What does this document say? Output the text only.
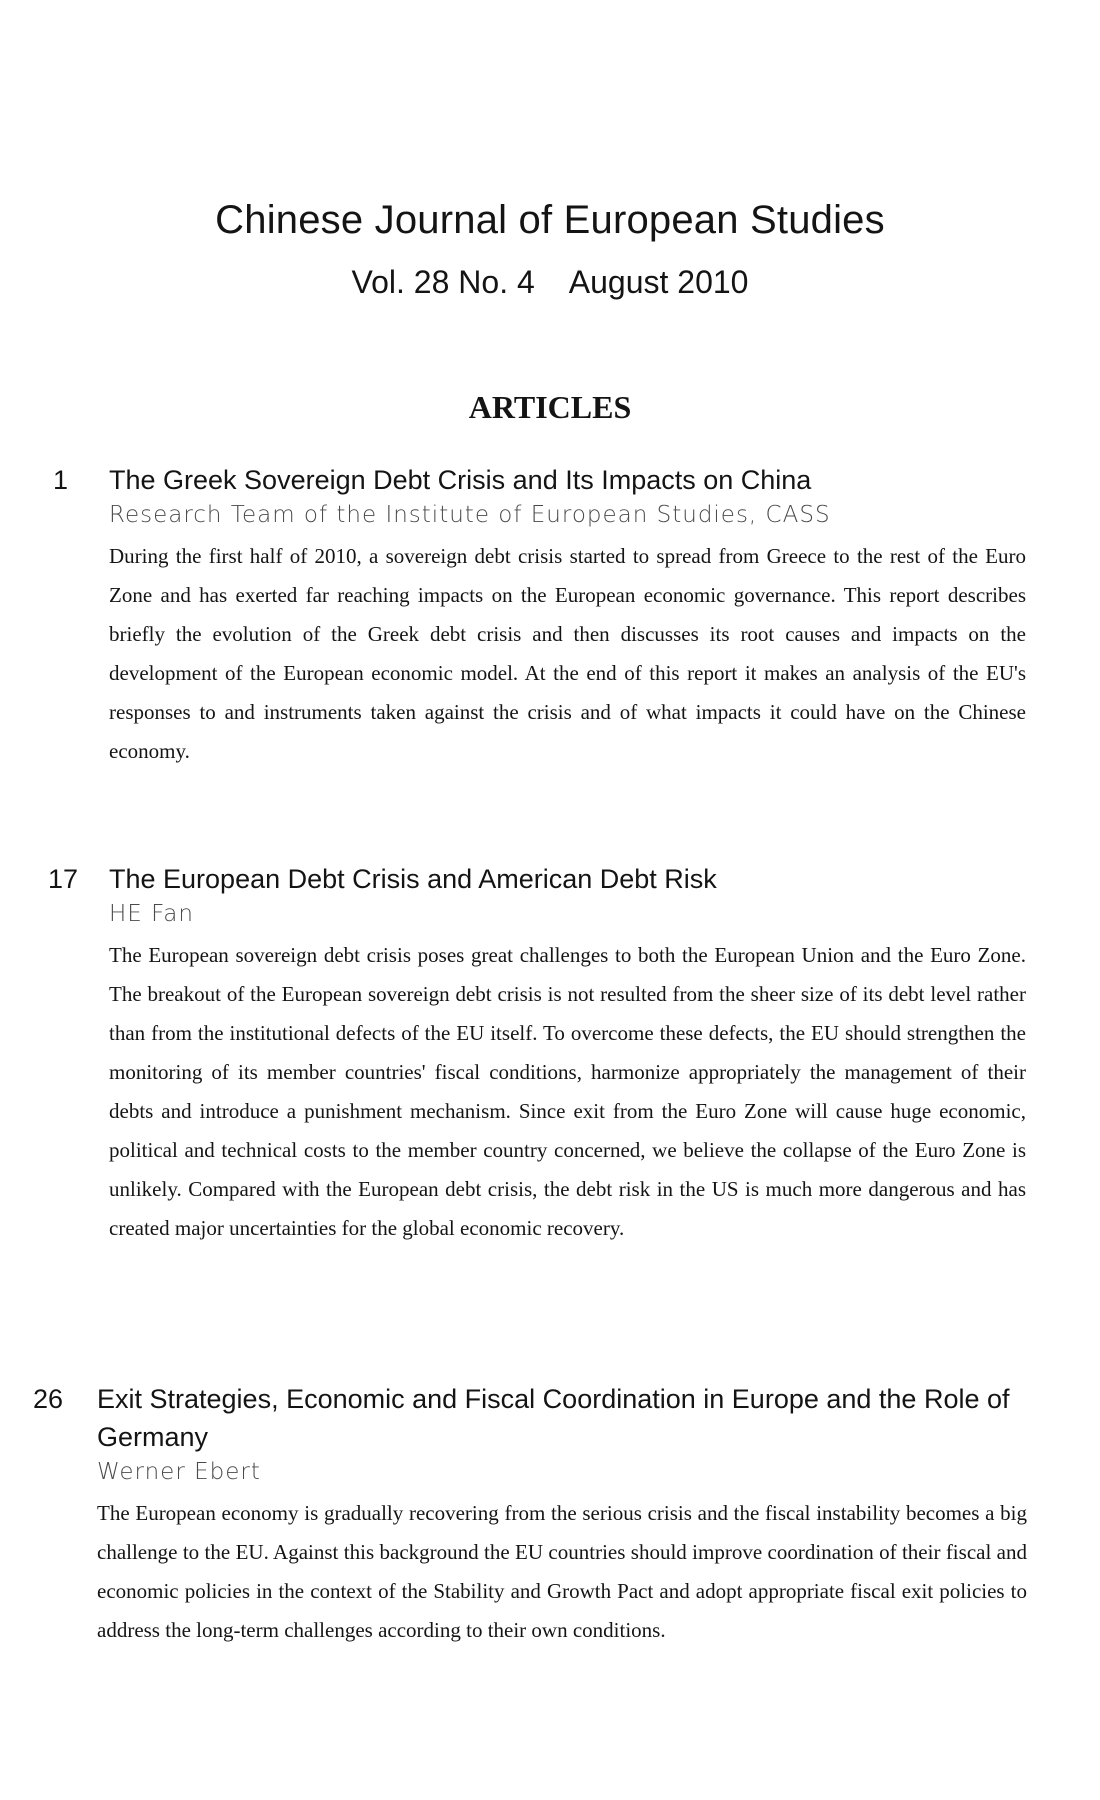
Chinese Journal of European Studies
Vol. 28 No. 4 August 2010
ARTICLES
1 The Greek Sovereign Debt Crisis and Its Impacts on China

Research Team of the Institute of European Studies, CASS

During the first half of 2010, a sovereign debt crisis started to spread from Greece to the rest of the Euro Zone and has exerted far reaching impacts on the European economic governance. This report describes briefly the evolution of the Greek debt crisis and then discusses its root causes and impacts on the development of the European economic model. At the end of this report it makes an analysis of the EU's responses to and instruments taken against the crisis and of what impacts it could have on the Chinese economy.

17 The European Debt Crisis and American Debt Risk

HE Fan

The European sovereign debt crisis poses great challenges to both the European Union and the Euro Zone. The breakout of the European sovereign debt crisis is not resulted from the sheer size of its debt level rather than from the institutional defects of the EU itself. To overcome these defects, the EU should strengthen the monitoring of its member countries' fiscal conditions, harmonize appropriately the management of their debts and introduce a punishment mechanism. Since exit from the Euro Zone will cause huge economic, political and technical costs to the member country concerned, we believe the collapse of the Euro Zone is unlikely. Compared with the European debt crisis, the debt risk in the US is much more dangerous and has created major uncertainties for the global economic recovery.

26 Exit Strategies, Economic and Fiscal Coordination in Europe and the Role of Germany

Werner Ebert

The European economy is gradually recovering from the serious crisis and the fiscal instability becomes a big challenge to the EU. Against this background the EU countries should improve coordination of their fiscal and economic policies in the context of the Stability and Growth Pact and adopt appropriate fiscal exit policies to address the long-term challenges according to their own conditions.
